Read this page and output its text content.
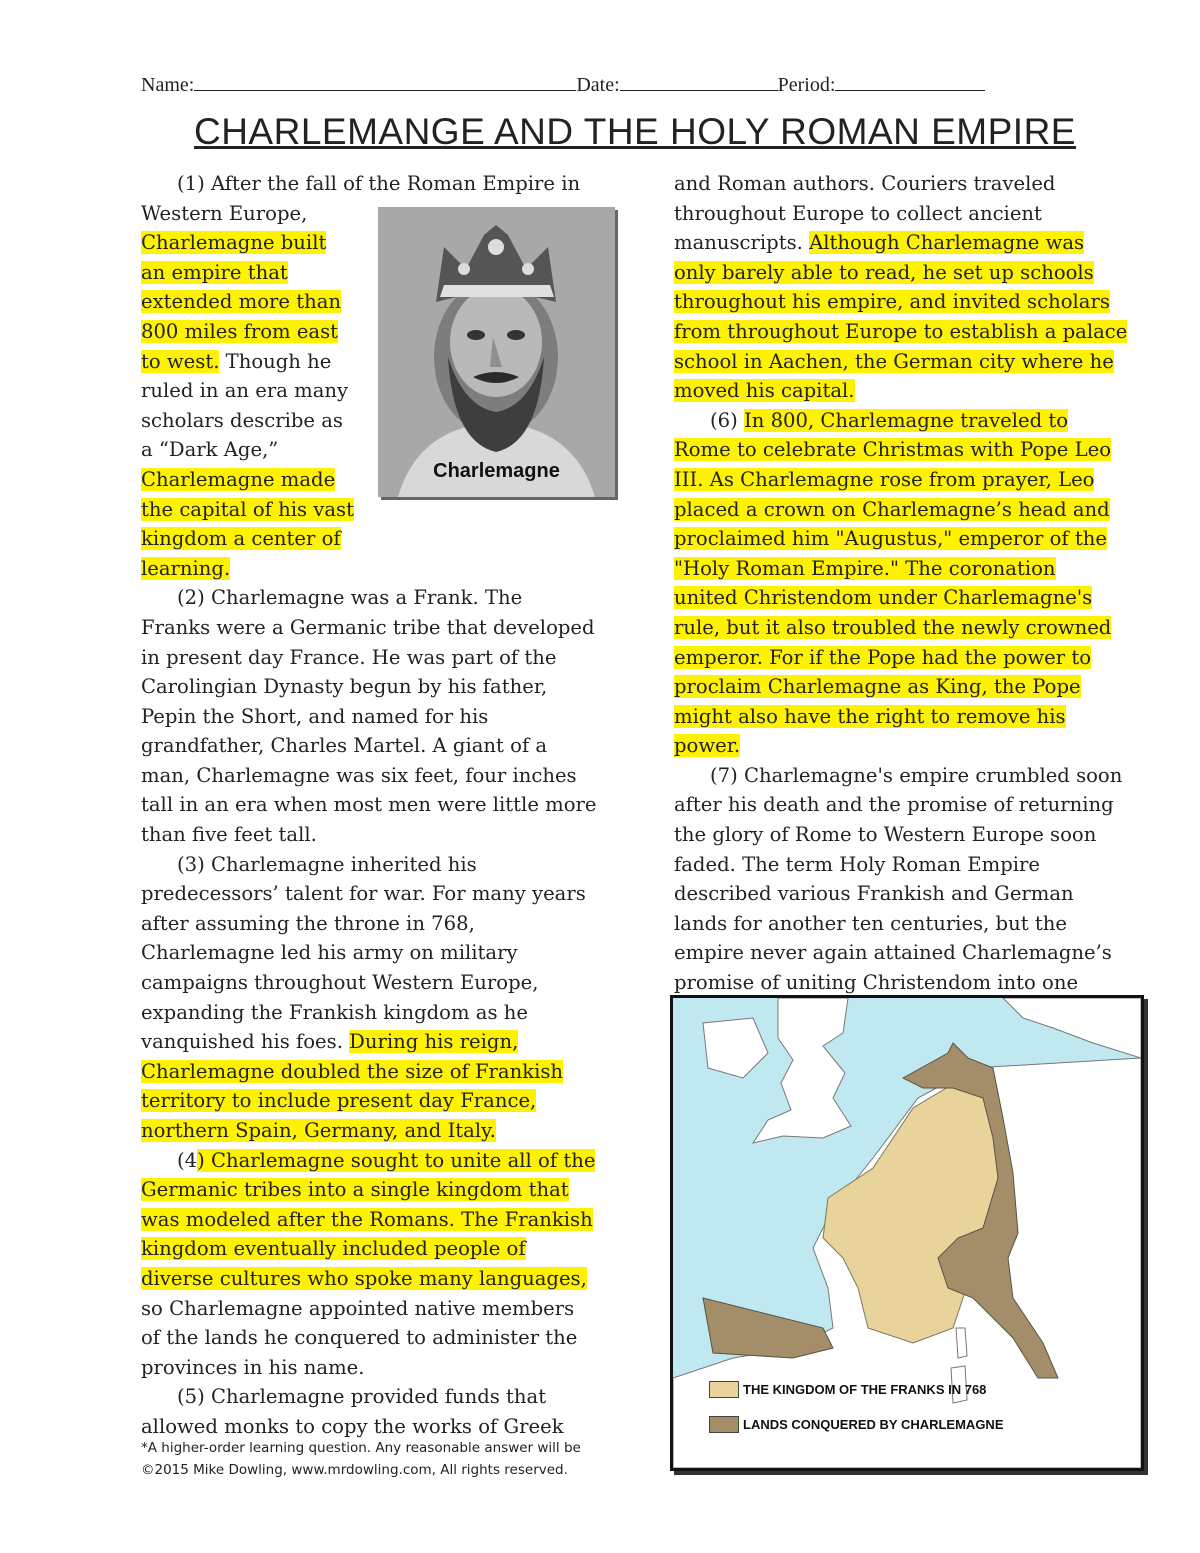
Name:	Date:	Period:
CHARLEMANGE AND THE HOLY ROMAN EMPIRE
(1) After the fall of the Roman Empire in
Western Europe,
Charlemagne built
an empire that
extended more than
800 miles from east
to west. Though he
ruled in an era many
scholars describe as
a “Dark Age,”
Charlemagne made
the capital of his vast
kingdom a center of
learning.
(2) Charlemagne was a Frank. The
Franks were a Germanic tribe that developed
in present day France. He was part of the
Carolingian Dynasty begun by his father,
Pepin the Short, and named for his
grandfather, Charles Martel. A giant of a
man, Charlemagne was six feet, four inches
tall in an era when most men were little more
than five feet tall.
(3) Charlemagne inherited his
predecessors’ talent for war. For many years
after assuming the throne in 768,
Charlemagne led his army on military
campaigns throughout Western Europe,
expanding the Frankish kingdom as he
vanquished his foes. During his reign,
Charlemagne doubled the size of Frankish
territory to include present day France,
northern Spain, Germany, and Italy.
(4) Charlemagne sought to unite all of the
Germanic tribes into a single kingdom that
was modeled after the Romans. The Frankish
kingdom eventually included people of
diverse cultures who spoke many languages,
so Charlemagne appointed native members
of the lands he conquered to administer the
provinces in his name.
(5) Charlemagne provided funds that
allowed monks to copy the works of Greek
and Roman authors. Couriers traveled
throughout Europe to collect ancient
manuscripts. Although Charlemagne was
only barely able to read, he set up schools
throughout his empire, and invited scholars
from throughout Europe to establish a palace
school in Aachen, the German city where he
moved his capital.
(6) In 800, Charlemagne traveled to
Rome to celebrate Christmas with Pope Leo
III. As Charlemagne rose from prayer, Leo
placed a crown on Charlemagne’s head and
proclaimed him "Augustus," emperor of the
"Holy Roman Empire." The coronation
united Christendom under Charlemagne's
rule, but it also troubled the newly crowned
emperor. For if the Pope had the power to
proclaim Charlemagne as King, the Pope
might also have the right to remove his
power.
(7) Charlemagne's empire crumbled soon
after his death and the promise of returning
the glory of Rome to Western Europe soon
faded. The term Holy Roman Empire
described various Frankish and German
lands for another ten centuries, but the
empire never again attained Charlemagne’s
promise of uniting Christendom into one
Charlemagne
THE KINGDOM OF THE FRANKS IN 768
LANDS CONQUERED BY CHARLEMAGNE
*A higher-order learning question. Any reasonable answer will be
©2015 Mike Dowling, www.mrdowling.com, All rights reserved.
